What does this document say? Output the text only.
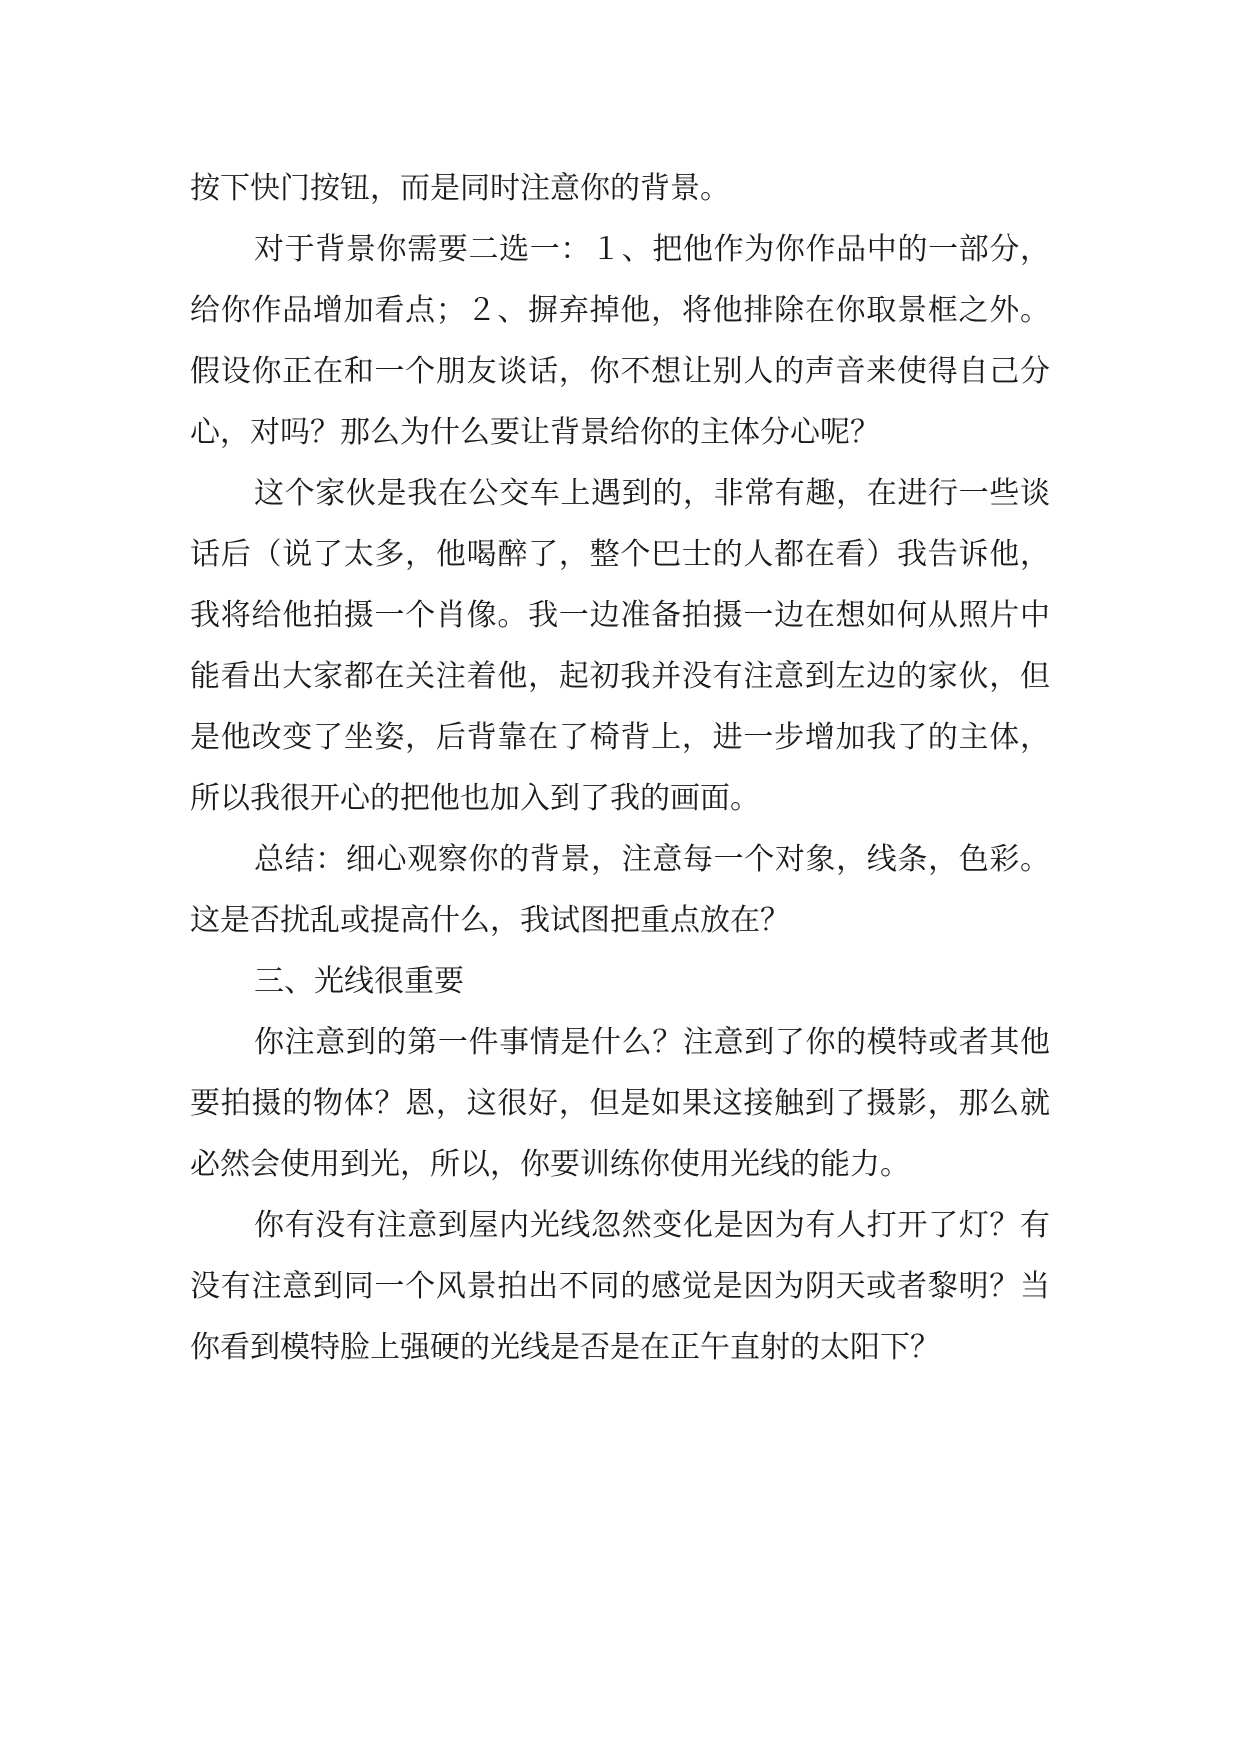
按下快门按钮，而是同时注意你的背景。

对于背景你需要二选一：１、把他作为你作品中的一部分，给你作品增加看点；２、摒弃掉他，将他排除在你取景框之外。假设你正在和一个朋友谈话，你不想让别人的声音来使得自己分心，对吗？那么为什么要让背景给你的主体分心呢？

这个家伙是我在公交车上遇到的，非常有趣，在进行一些谈话后（说了太多，他喝醉了，整个巴士的人都在看）我告诉他，我将给他拍摄一个肖像。我一边准备拍摄一边在想如何从照片中能看出大家都在关注着他，起初我并没有注意到左边的家伙，但是他改变了坐姿，后背靠在了椅背上，进一步增加我了的主体，所以我很开心的把他也加入到了我的画面。

总结：细心观察你的背景，注意每一个对象，线条，色彩。这是否扰乱或提高什么，我试图把重点放在？

三、光线很重要

你注意到的第一件事情是什么？注意到了你的模特或者其他要拍摄的物体？恩，这很好，但是如果这接触到了摄影，那么就必然会使用到光，所以，你要训练你使用光线的能力。

你有没有注意到屋内光线忽然变化是因为有人打开了灯？有没有注意到同一个风景拍出不同的感觉是因为阴天或者黎明？当你看到模特脸上强硬的光线是否是在正午直射的太阳下？
